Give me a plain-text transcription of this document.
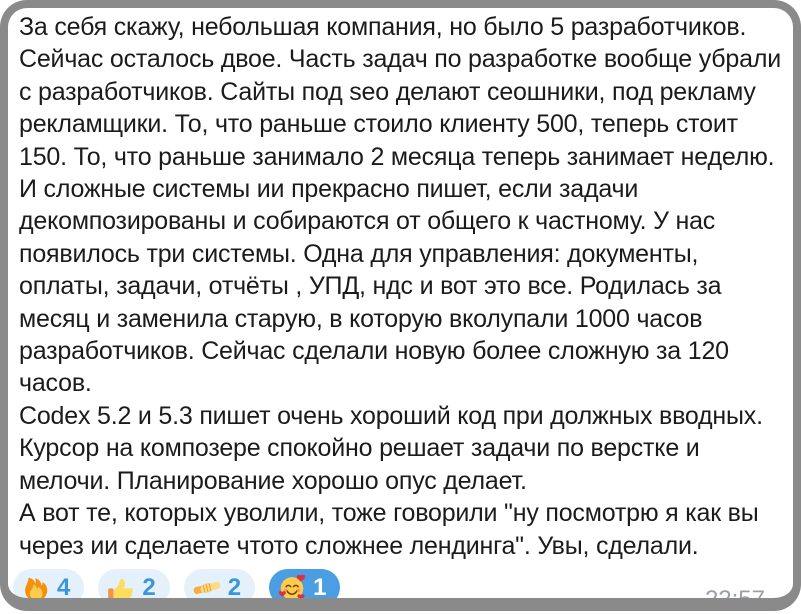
За себя скажу, небольшая компания, но было 5 разработчиков.
Сейчас осталось двое. Часть задач по разработке вообще убрали
с разработчиков. Сайты под seo делают сеошники, под рекламу
рекламщики. То, что раньше стоило клиенту 500, теперь стоит
150. То, что раньше занимало 2 месяца теперь занимает неделю.
И сложные системы ии прекрасно пишет, если задачи
декомпозированы и собираются от общего к частному. У нас
появилось три системы. Одна для управления: документы,
оплаты, задачи, отчёты , УПД, ндс и вот это все. Родилась за
месяц и заменила старую, в которую вколупали 1000 часов
разработчиков. Сейчас сделали новую более сложную за 120
часов.
Codex 5.2 и 5.3 пишет очень хороший код при должных вводных.
Курсор на композере спокойно решает задачи по верстке и
мелочи. Планирование хорошо опус делает.
А вот те, которых уволили, тоже говорили "ну посмотрю я как вы
через ии сделаете чтото сложнее лендинга". Увы, сделали.
4	2	2	1	22:57
